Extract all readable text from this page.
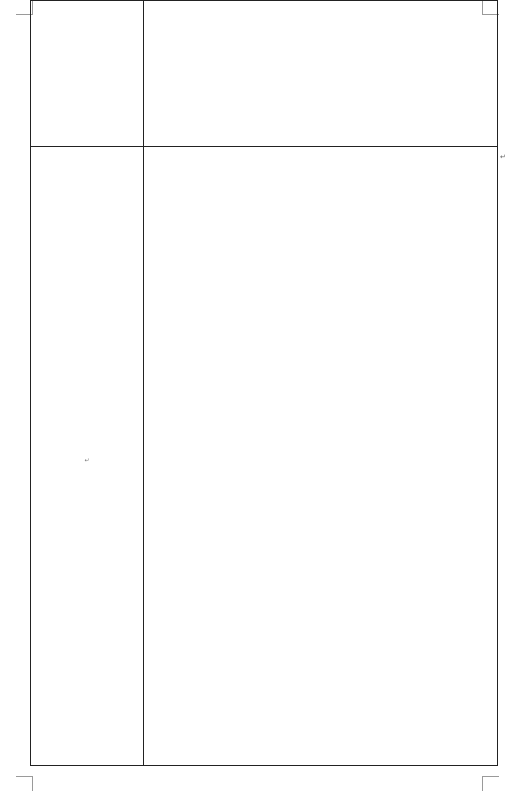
↵	
↵
